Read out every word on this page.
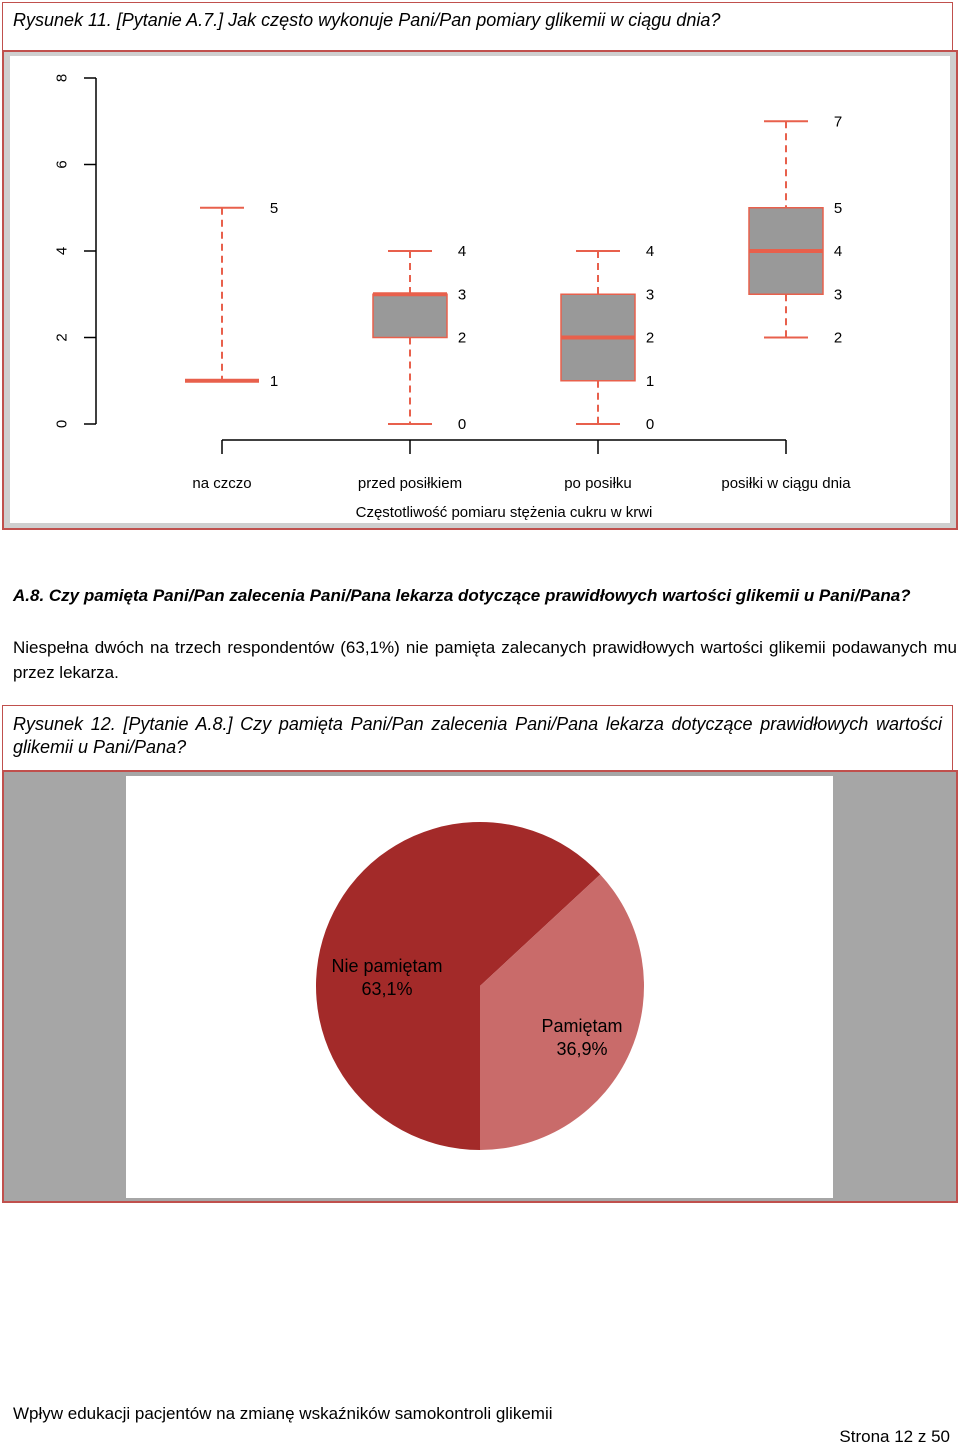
Rysunek 11. [Pytanie A.7.] Jak często wykonuje Pani/Pan pomiary glikemii w ciągu dnia?
0
2
4
6
8
na czczo	przed posiłkiem	po posiłku	posiłki w ciągu dnia
Częstotliwość pomiaru stężenia cukru w krwi
5
1
4
3
2
0
4
3
2
1
0
7
5
4
3
2
A.8. Czy pamięta Pani/Pan zalecenia Pani/Pana lekarza dotyczące prawidłowych wartości glikemii u Pani/Pana?
Niespełna dwóch na trzech respondentów (63,1%) nie pamięta zalecanych prawidłowych wartości glikemii podawanych mu przez lekarza.
Rysunek 12. [Pytanie A.8.] Czy pamięta Pani/Pan zalecenia Pani/Pana lekarza dotyczące prawidłowych wartości glikemii u Pani/Pana?
Nie pamiętam
63,1%
Pamiętam
36,9%
Wpływ edukacji pacjentów na zmianę wskaźników samokontroli glikemii
Strona 12 z 50
